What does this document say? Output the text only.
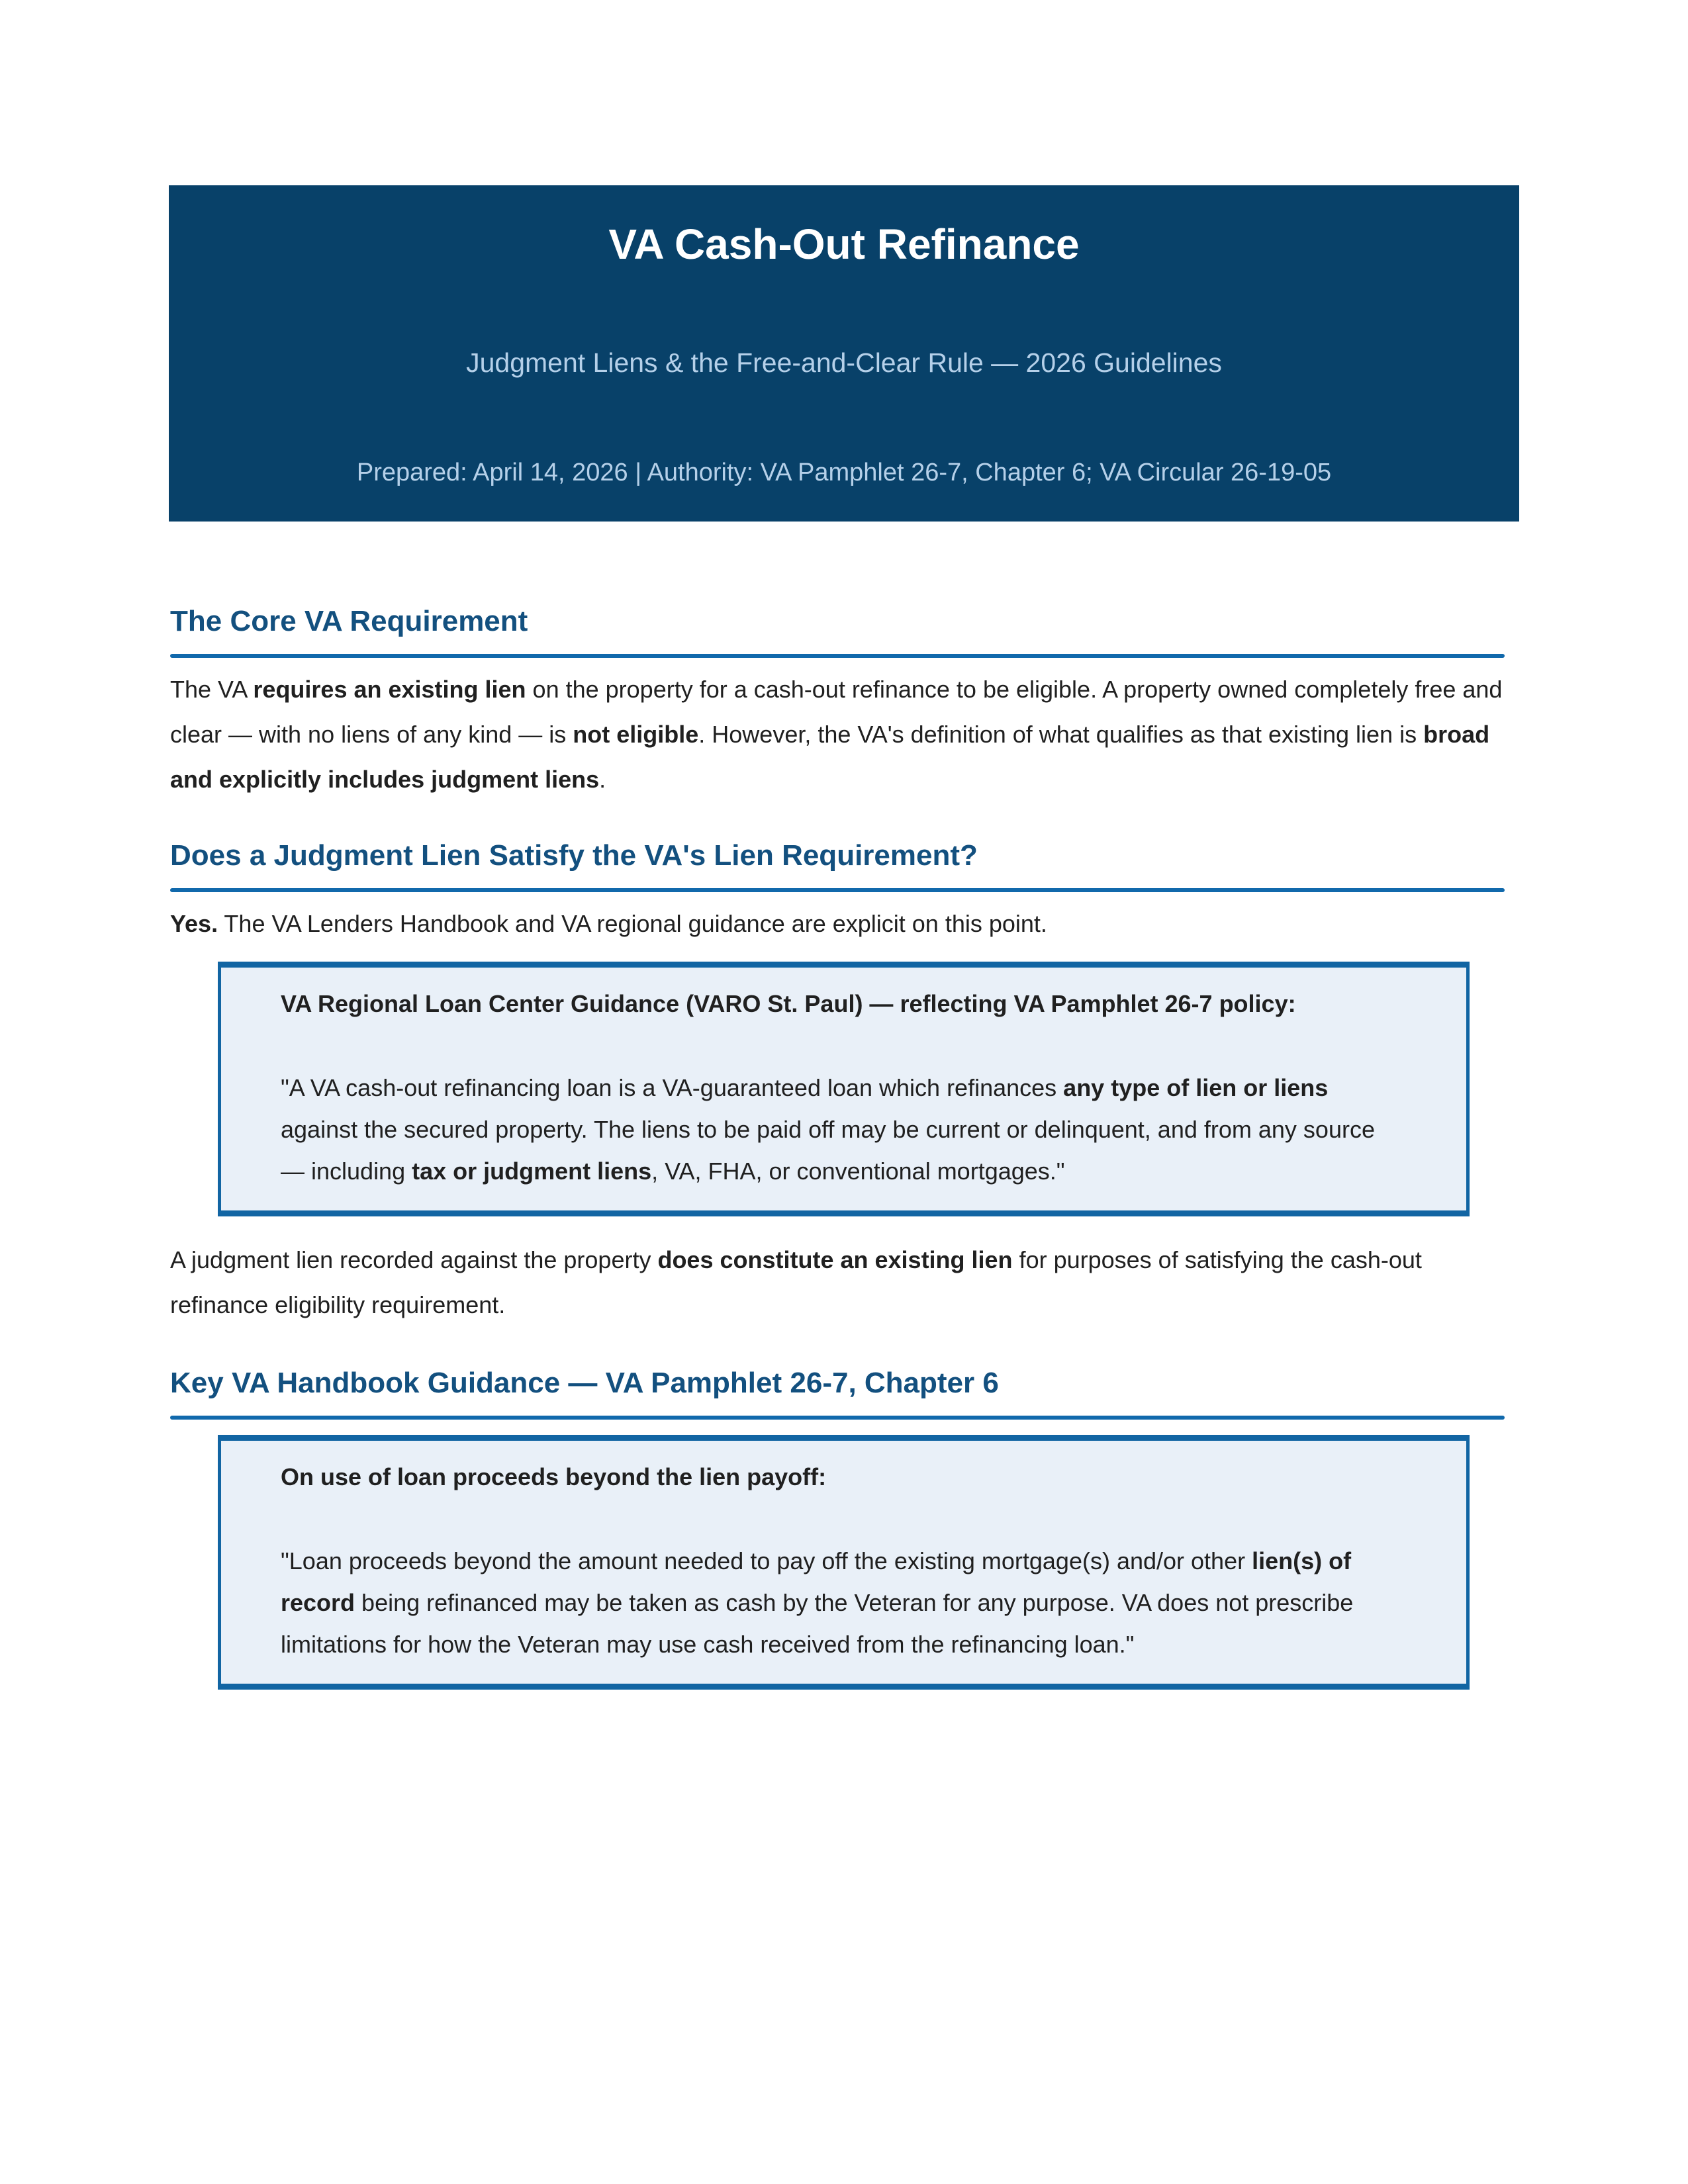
VA Cash-Out Refinance
Judgment Liens & the Free-and-Clear Rule — 2026 Guidelines
Prepared: April 14, 2026 | Authority: VA Pamphlet 26-7, Chapter 6; VA Circular 26-19-05
The Core VA Requirement

The VA requires an existing lien on the property for a cash-out refinance to be eligible. A property owned completely free and clear — with no liens of any kind — is not eligible. However, the VA's definition of what qualifies as that existing lien is broad and explicitly includes judgment liens.

Does a Judgment Lien Satisfy the VA's Lien Requirement?

Yes. The VA Lenders Handbook and VA regional guidance are explicit on this point.

VA Regional Loan Center Guidance (VARO St. Paul) — reflecting VA Pamphlet 26-7 policy:
"A VA cash-out refinancing loan is a VA-guaranteed loan which refinances any type of lien or liens against the secured property. The liens to be paid off may be current or delinquent, and from any source — including tax or judgment liens, VA, FHA, or conventional mortgages."

A judgment lien recorded against the property does constitute an existing lien for purposes of satisfying the cash-out refinance eligibility requirement.

Key VA Handbook Guidance — VA Pamphlet 26-7, Chapter 6
On use of loan proceeds beyond the lien payoff:
"Loan proceeds beyond the amount needed to pay off the existing mortgage(s) and/or other lien(s) of record being refinanced may be taken as cash by the Veteran for any purpose. VA does not prescribe limitations for how the Veteran may use cash received from the refinancing loan."
